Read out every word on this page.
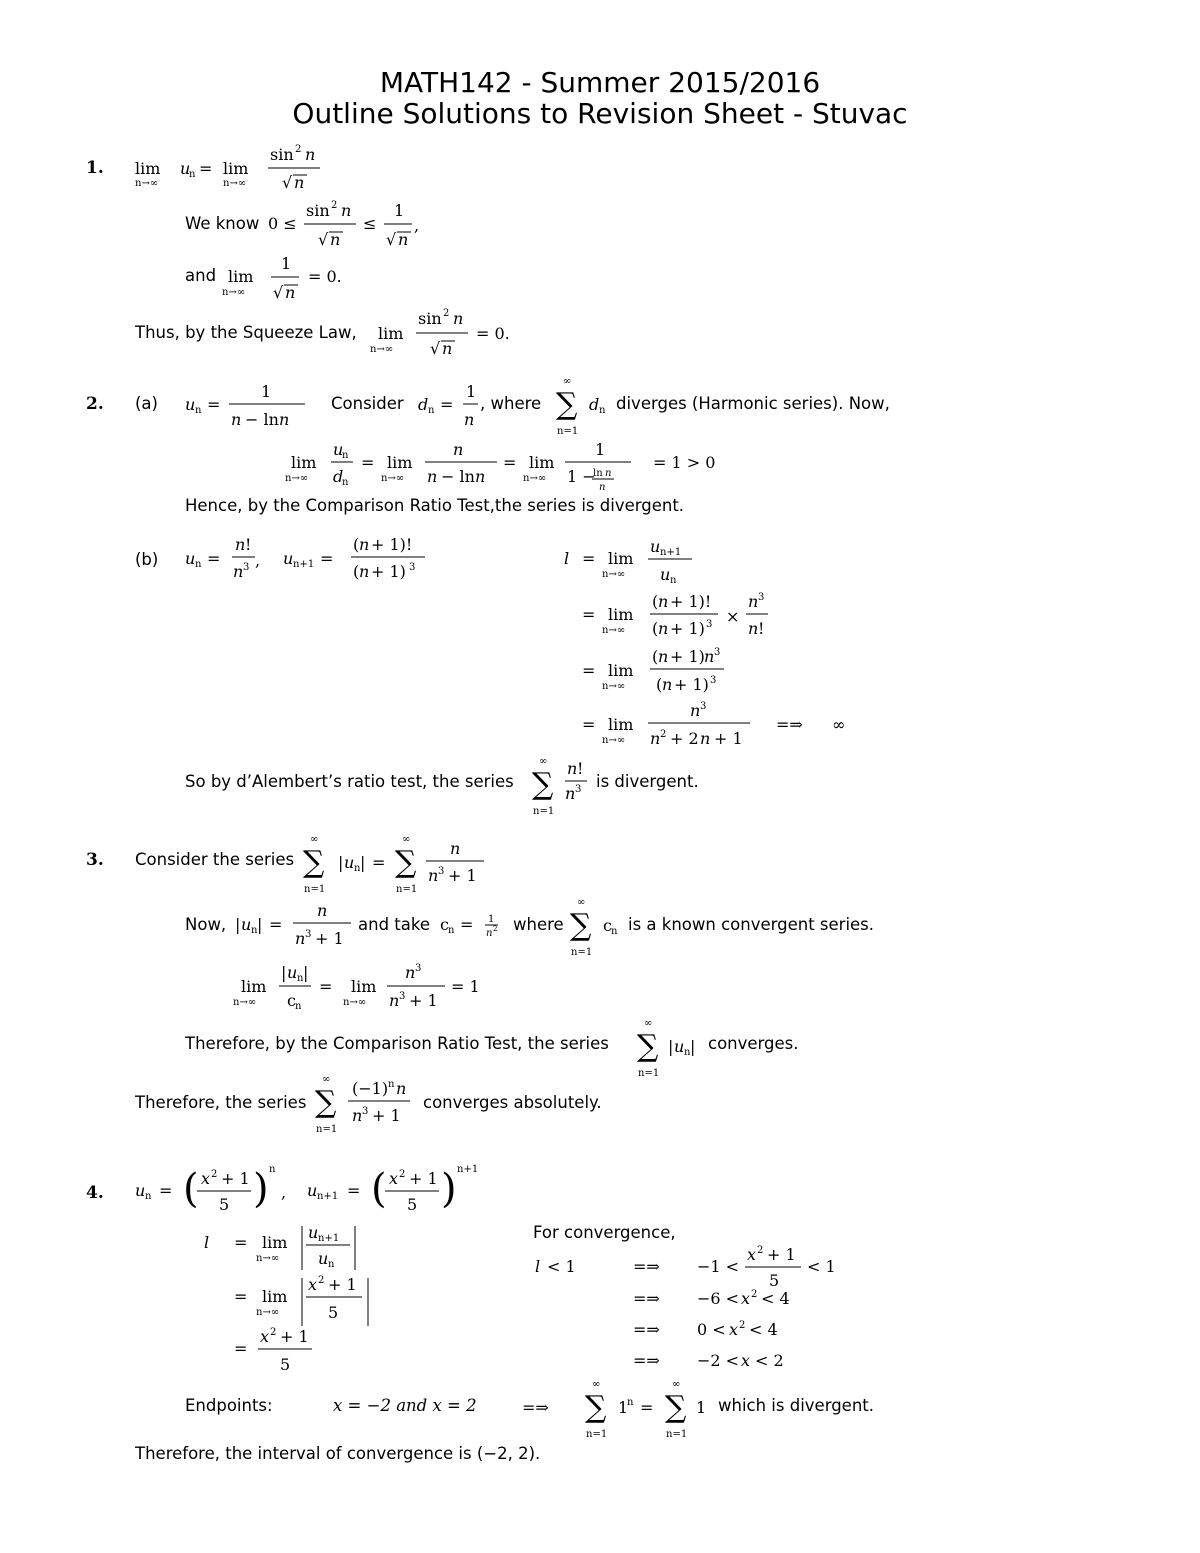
MATH142 - Summer 2015/2016
Outline Solutions to Revision Sheet - Stuvac
1. lim
n→∞
u
n = lim
n→∞
sin 2 n
√ n
We know 0 ≤
sin 2 n
√ n
≤
1
√ n
,
and lim
n→∞
1
√ n
= 0.
Thus, by the Squeeze Law, lim
n→∞
sin 2 n
√ n
= 0.
2. (a) u n =
1
n − ln n
Consider d n =
1
n
, where
∞
∑
n=1
d n diverges (Harmonic series). Now,
lim
n→∞
u
n
d
n
= lim
n→∞
n
n − ln n
= lim
n→∞
1
1 −
ln n
n
= 1 > 0
Hence, by the Comparison Ratio Test,the series is divergent.
(b) u n =
n !
n 3 , u n+1 =
( n + 1)!
( n + 1) 3	l = lim
n→∞
u n+1
u n
= lim
n→∞
( n + 1)!
( n + 1) 3 ×
n 3
n !
= lim
n→∞
( n + 1) n 3
( n + 1) 3
= lim
n→∞
n 3
n 2 + 2 n + 1
=⇒ ∞
So by d’Alembert’s ratio test, the series
∞
∑
n=1
n !
n 3 is divergent.
3. Consider the series
∞
∑
n=1
| u n | =
∞
∑
n=1
n
n 3 + 1
Now, | u n | =
n
n 3 + 1
and take c n = 1
n 2 where
∞
∑
n=1
c n is a known convergent series.
lim
n→∞
| u n |
c n
= lim
n→∞
n 3
n 3 + 1
= 1
Therefore, by the Comparison Ratio Test, the series
∞
∑
n=1
| u n | converges.
Therefore, the series
∞
∑
n=1
(−1) n n
n 3 + 1
converges absolutely.
4. u n = ( x 2 + 1
5 ) n
, u n+1 = ( x 2 + 1
5 ) n+1
l = lim
n→∞
u n+1
u n
= lim
n→∞
x 2 + 1
5
=
x 2 + 1
5
For convergence,
l < 1	=⇒ −1 <
x 2 + 1
5
< 1
=⇒ −6 < x 2 < 4
=⇒ 0 < x 2 < 4
=⇒ −2 < x < 2
Endpoints:	x = −2 and x = 2	=⇒
∞
∑
n=1
1
n =
∞
∑
n=1
1 which is divergent.
Therefore, the interval of convergence is (−2, 2).
